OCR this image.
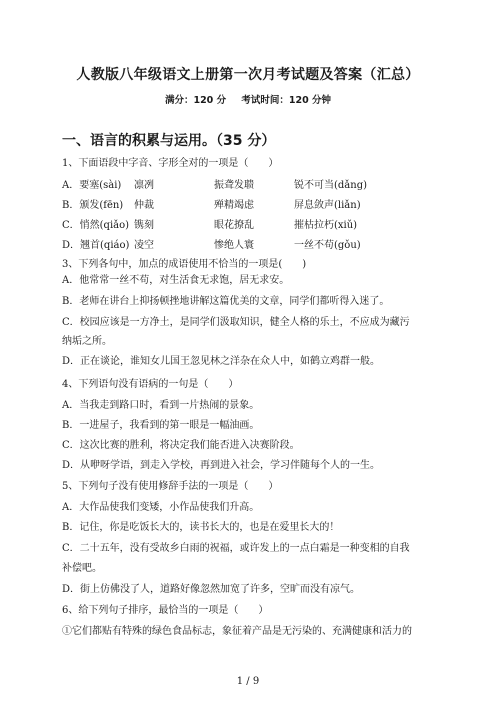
人教版八年级语文上册第一次月考试题及答案（汇总）
满分：120 分 考试时间：120 分钟
一、语言的积累与运用。（35 分）
1、下面语段中字音、字形全对的一项是（　　）
A．要塞(sài) 凛冽	振聋发聩	锐不可当(dǎng)
B．颁发(fēn) 仲裁	殚精竭虑	屏息敛声(liǎn)
C．悄然(qiǎo) 镌刻	眼花撩乱	摧枯拉朽(xiǔ)
D．翘首(qiáo) 凌空	惨绝人寰	一丝不苟(gǒu)
3、下列各句中，加点的成语使用不恰当的一项是(　　)
A．他常常一丝不苟，对生活食无求饱，居无求安。
B．老师在讲台上抑扬顿挫地讲解这篇优美的文章，同学们都听得入迷了。
C．校园应该是一方净土，是同学们汲取知识，健全人格的乐土，不应成为藏污
纳垢之所。
D．正在谈论，谁知女儿国王忽见林之洋杂在众人中，如鹤立鸡群一般。
4、下列语句没有语病的一句是（　　）
A．当我走到路口时，看到一片热闹的景象。
B．一进屋子，我看到的第一眼是一幅油画。
C．这次比赛的胜利，将决定我们能否进入决赛阶段。
D．从咿呀学语，到走入学校，再到进入社会，学习伴随每个人的一生。
5、下列句子没有使用修辞手法的一项是（　　）
A．大作品使我们变矮，小作品使我们升高。
B．记住，你是吃饭长大的，读书长大的，也是在爱里长大的！
C．二十五年，没有受故乡白雨的祝福，或许发上的一点白霜是一种变相的自我
补偿吧。
D．街上仿佛没了人，道路好像忽然加宽了许多，空旷而没有凉气。
6、给下列句子排序，最恰当的一项是（　　）
①它们都贴有特殊的绿色食品标志，象征着产品是无污染的、充满健康和活力的
1 / 9
